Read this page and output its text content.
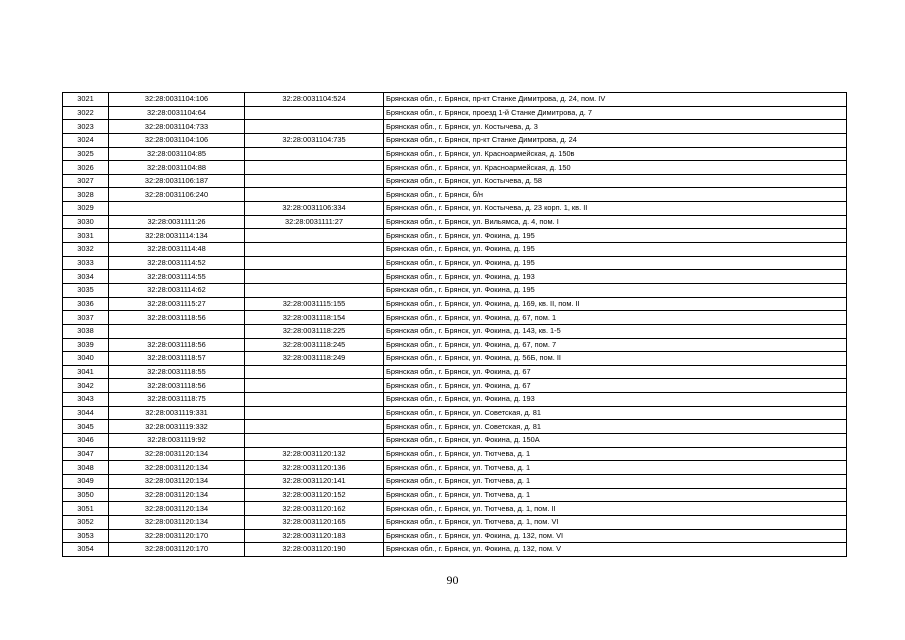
3021	32:28:0031104:106	32:28:0031104:524	Брянская обл., г. Брянск, пр-кт Станке Димитрова, д. 24, пом. IV
3022	32:28:0031104:64		Брянская обл., г. Брянск, проезд 1-й Станке Димитрова, д. 7
3023	32:28:0031104:733		Брянская обл., г. Брянск, ул. Костычева, д. 3
3024	32:28:0031104:106	32:28:0031104:735	Брянская обл., г. Брянск, пр-кт Станке Димитрова, д. 24
3025	32:28:0031104:85		Брянская обл., г. Брянск, ул. Красноармейская, д. 150в
3026	32:28:0031104:88		Брянская обл., г. Брянск, ул. Красноармейская, д. 150
3027	32:28:0031106:187		Брянская обл., г. Брянск, ул. Костычева, д. 58
3028	32:28:0031106:240		Брянская обл., г. Брянск, б/н
3029		32:28:0031106:334	Брянская обл., г. Брянск, ул. Костычева, д. 23 корп. 1, кв. II
3030	32:28:0031111:26	32:28:0031111:27	Брянская обл., г. Брянск, ул. Вильямса, д. 4, пом. I
3031	32:28:0031114:134		Брянская обл., г. Брянск, ул. Фокина, д. 195
3032	32:28:0031114:48		Брянская обл., г. Брянск, ул. Фокина, д. 195
3033	32:28:0031114:52		Брянская обл., г. Брянск, ул. Фокина, д. 195
3034	32:28:0031114:55		Брянская обл., г. Брянск, ул. Фокина, д. 193
3035	32:28:0031114:62		Брянская обл., г. Брянск, ул. Фокина, д. 195
3036	32:28:0031115:27	32:28:0031115:155	Брянская обл., г. Брянск, ул. Фокина, д. 169, кв. II, пом. II
3037	32:28:0031118:56	32:28:0031118:154	Брянская обл., г. Брянск, ул. Фокина, д. 67, пом. 1
3038		32:28:0031118:225	Брянская обл., г. Брянск, ул. Фокина, д. 143, кв. 1-5
3039	32:28:0031118:56	32:28:0031118:245	Брянская обл., г. Брянск, ул. Фокина, д. 67, пом. 7
3040	32:28:0031118:57	32:28:0031118:249	Брянская обл., г. Брянск, ул. Фокина, д. 56Б, пом. II
3041	32:28:0031118:55		Брянская обл., г. Брянск, ул. Фокина, д. 67
3042	32:28:0031118:56		Брянская обл., г. Брянск, ул. Фокина, д. 67
3043	32:28:0031118:75		Брянская обл., г. Брянск, ул. Фокина, д. 193
3044	32:28:0031119:331		Брянская обл., г. Брянск, ул. Советская, д. 81
3045	32:28:0031119:332		Брянская обл., г. Брянск, ул. Советская, д. 81
3046	32:28:0031119:92		Брянская обл., г. Брянск, ул. Фокина, д. 150А
3047	32:28:0031120:134	32:28:0031120:132	Брянская обл., г. Брянск, ул. Тютчева, д. 1
3048	32:28:0031120:134	32:28:0031120:136	Брянская обл., г. Брянск, ул. Тютчева, д. 1
3049	32:28:0031120:134	32:28:0031120:141	Брянская обл., г. Брянск, ул. Тютчева, д. 1
3050	32:28:0031120:134	32:28:0031120:152	Брянская обл., г. Брянск, ул. Тютчева, д. 1
3051	32:28:0031120:134	32:28:0031120:162	Брянская обл., г. Брянск, ул. Тютчева, д. 1, пом. II
3052	32:28:0031120:134	32:28:0031120:165	Брянская обл., г. Брянск, ул. Тютчева, д. 1, пом. VI
3053	32:28:0031120:170	32:28:0031120:183	Брянская обл., г. Брянск, ул. Фокина, д. 132, пом. VI
3054	32:28:0031120:170	32:28:0031120:190	Брянская обл., г. Брянск, ул. Фокина, д. 132, пом. V
90
